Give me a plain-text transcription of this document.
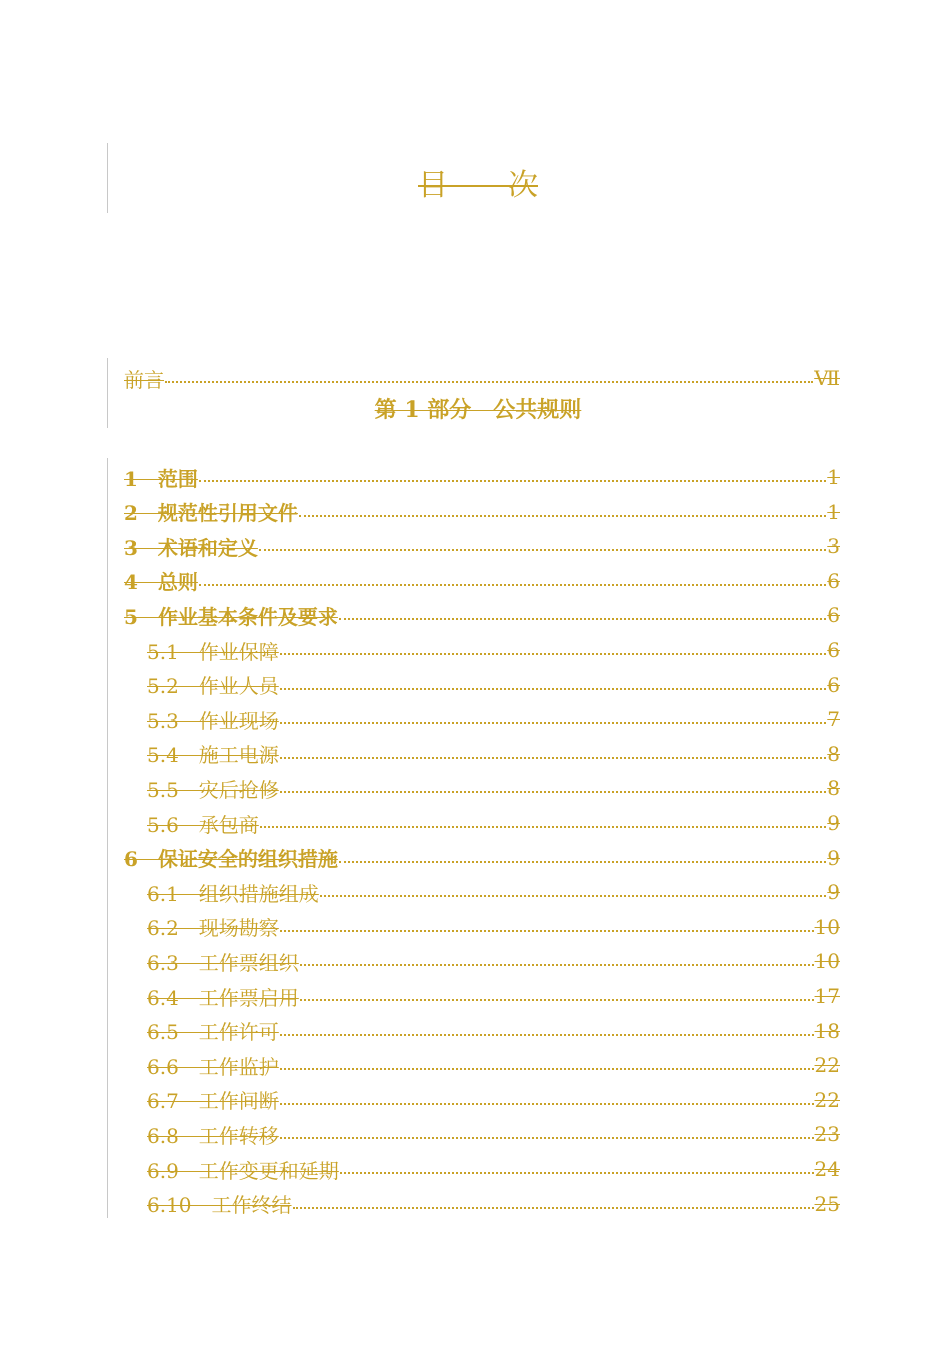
目　　次
前言	Ⅶ
第 1 部分　公共规则
1　范围	1
2　规范性引用文件	1
3　术语和定义	3
4　总则	6
5　作业基本条件及要求	6
5.1　作业保障	6
5.2　作业人员	6
5.3　作业现场	7
5.4　施工电源	8
5.5　灾后抢修	8
5.6　承包商	9
6　保证安全的组织措施	9
6.1　组织措施组成	9
6.2　现场勘察	10
6.3　工作票组织	10
6.4　工作票启用	17
6.5　工作许可	18
6.6　工作监护	22
6.7　工作间断	22
6.8　工作转移	23
6.9　工作变更和延期	24
6.10　工作终结	25
